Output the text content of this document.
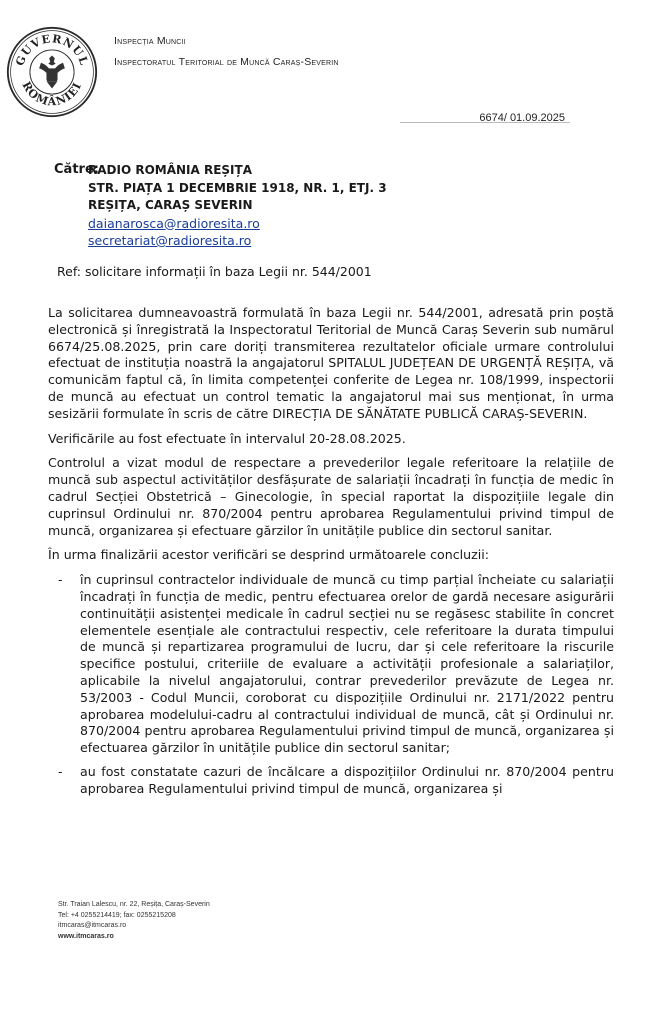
GUVERNUL
ROMÂNIEI
Inspecția Muncii
Inspectoratul Teritorial de Muncă Caraș-Severin
6674/ 01.09.2025
Către:
RADIO ROMÂNIA REȘIȚA
STR. PIAȚA 1 DECEMBRIE 1918, NR. 1, ETJ. 3
REȘIȚA, CARAȘ SEVERIN
daianarosca@radioresita.ro
secretariat@radioresita.ro
Ref: solicitare informații în baza Legii nr. 544/2001

La solicitarea dumneavoastră formulată în baza Legii nr. 544/2001, adresată prin poștă electronică și înregistrată la Inspectoratul Teritorial de Muncă Caraș Severin sub numărul 6674/25.08.2025, prin care doriți transmiterea rezultatelor oficiale urmare controlului efectuat de instituția noastră la angajatorul SPITALUL JUDEȚEAN DE URGENȚĂ REȘIȚA, vă comunicăm faptul că, în limita competenței conferite de Legea nr. 108/1999, inspectorii de muncă au efectuat un control tematic la angajatorul mai sus menționat, în urma sesizării formulate în scris de către DIRECȚIA DE SĂNĂTATE PUBLICĂ CARAȘ-SEVERIN.

Verificările au fost efectuate în intervalul 20-28.08.2025.

Controlul a vizat modul de respectare a prevederilor legale referitoare la relațiile de muncă sub aspectul activităților desfășurate de salariații încadrați în funcția de medic în cadrul Secției Obstetrică – Ginecologie, în special raportat la dispozițiile legale din cuprinsul Ordinului nr. 870/2004 pentru aprobarea Regulamentului privind timpul de muncă, organizarea și efectuare gărzilor în unitățile publice din sectorul sanitar.

În urma finalizării acestor verificări se desprind următoarele concluzii:

- în cuprinsul contractelor individuale de muncă cu timp parțial încheiate cu salariații încadrați în funcția de medic, pentru efectuarea orelor de gardă necesare asigurării continuității asistenței medicale în cadrul secției nu se regăsesc stabilite în concret elementele esențiale ale contractului respectiv, cele referitoare la durata timpului de muncă și repartizarea programului de lucru, dar și cele referitoare la riscurile specifice postului, criteriile de evaluare a activității profesionale a salariaților, aplicabile la nivelul angajatorului, contrar prevederilor prevăzute de Legea nr. 53/2003 - Codul Muncii, coroborat cu dispozițiile Ordinului nr. 2171/2022 pentru aprobarea modelului-cadru al contractului individual de muncă, cât și Ordinului nr. 870/2004 pentru aprobarea Regulamentului privind timpul de muncă, organizarea și efectuarea gărzilor în unitățile publice din sectorul sanitar;
- au fost constatate cazuri de încălcare a dispozițiilor Ordinului nr. 870/2004 pentru aprobarea Regulamentului privind timpul de muncă, organizarea și
Str. Traian Lalescu, nr. 22, Reșița, Caraș-Severin
Tel: +4 0255214419; fax: 0255215208
itmcaras@itmcaras.ro
www.itmcaras.ro
